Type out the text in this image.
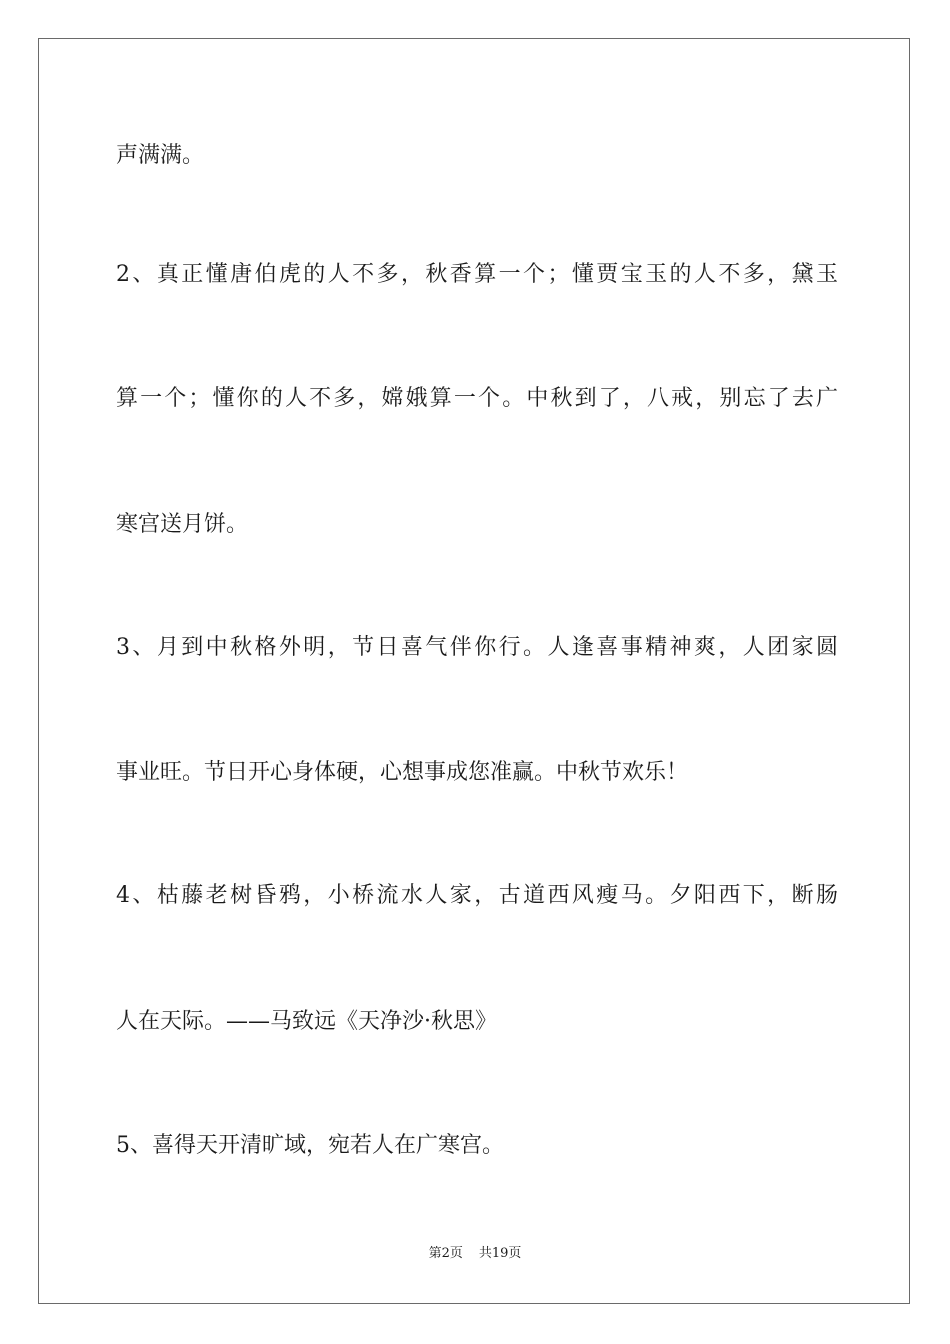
声满满。
2、真正懂唐伯虎的人不多，秋香算一个；懂贾宝玉的人不多，黛玉
算一个；懂你的人不多，嫦娥算一个。中秋到了，八戒，别忘了去广
寒宫送月饼。
3、月到中秋格外明，节日喜气伴你行。人逢喜事精神爽，人团家圆
事业旺。节日开心身体硬，心想事成您准赢。中秋节欢乐！
4、枯藤老树昏鸦，小桥流水人家，古道西风瘦马。夕阳西下，断肠
人在天际。——马致远《天净沙·秋思》
5、喜得天开清旷域，宛若人在广寒宫。
第2页 共19页
